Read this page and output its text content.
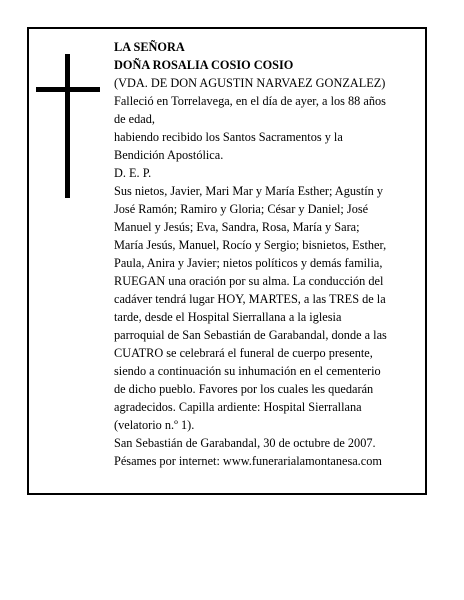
LA SEÑORA
DOÑA ROSALIA COSIO COSIO
(VDA. DE DON AGUSTIN NARVAEZ GONZALEZ)
Falleció en Torrelavega, en el día de ayer, a los 88 años
de edad,
habiendo recibido los Santos Sacramentos y la
Bendición Apostólica.
D. E. P.
Sus nietos, Javier, Mari Mar y María Esther; Agustín y
José Ramón; Ramiro y Gloria; César y Daniel; José
Manuel y Jesús; Eva, Sandra, Rosa, María y Sara;
María Jesús, Manuel, Rocío y Sergio; bisnietos, Esther,
Paula, Anira y Javier; nietos políticos y demás familia,
RUEGAN una oración por su alma. La conducción del
cadáver tendrá lugar HOY, MARTES, a las TRES de la
tarde, desde el Hospital Sierrallana a la iglesia
parroquial de San Sebastián de Garabandal, donde a las
CUATRO se celebrará el funeral de cuerpo presente,
siendo a continuación su inhumación en el cementerio
de dicho pueblo. Favores por los cuales les quedarán
agradecidos. Capilla ardiente: Hospital Sierrallana
(velatorio n.º 1).
San Sebastián de Garabandal, 30 de octubre de 2007.
Pésames por internet: www.funerarialamontanesa.com
